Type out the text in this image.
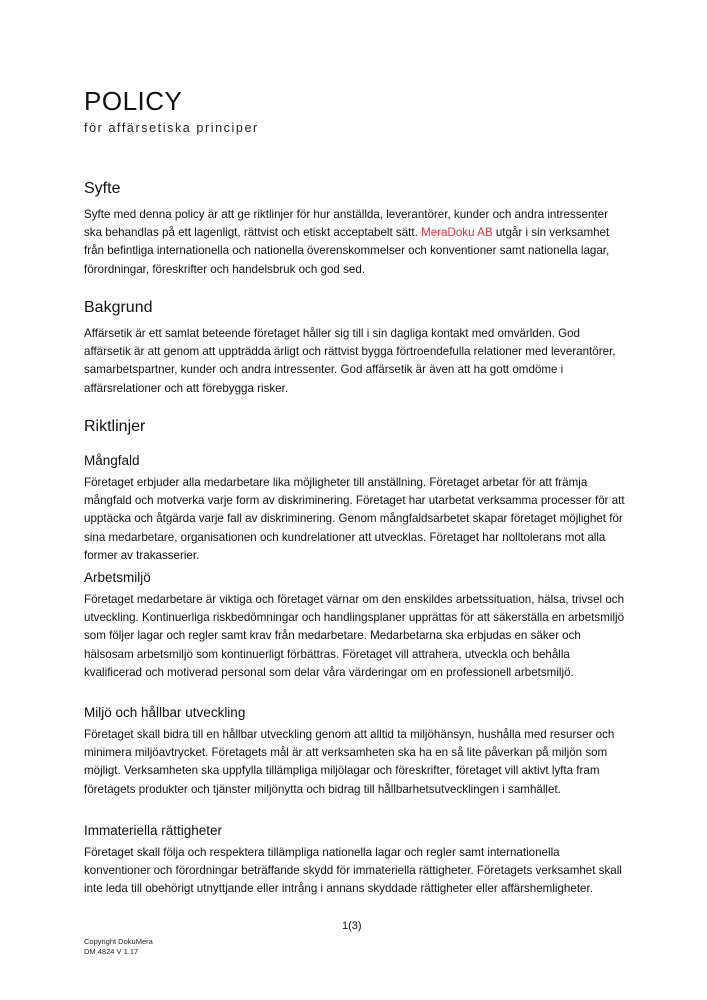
POLICY

för affärsetiska principer

Syfte

Syfte med denna policy är att ge riktlinjer för hur anställda, leverantörer, kunder och andra intressenter ska behandlas på ett lagenligt, rättvist och etiskt acceptabelt sätt. MeraDoku AB utgår i sin verksamhet från befintliga internationella och nationella överenskommelser och konventioner samt nationella lagar, förordningar, föreskrifter och handelsbruk och god sed.

Bakgrund

Affärsetik är ett samlat beteende företaget håller sig till i sin dagliga kontakt med omvärlden. God affärsetik är att genom att uppträdda ärligt och rättvist bygga förtroendefulla relationer med leverantörer, samarbetspartner, kunder och andra intressenter. God affärsetik är även att ha gott omdöme i affärsrelationer och att förebygga risker.

Riktlinjer
Mångfald

Företaget erbjuder alla medarbetare lika möjligheter till anställning. Företaget arbetar för att främja mångfald och motverka varje form av diskriminering. Företaget har utarbetat verksamma processer för att upptäcka och åtgärda varje fall av diskriminering. Genom mångfaldsarbetet skapar företaget möjlighet för sina medarbetare, organisationen och kundrelationer att utvecklas. Företaget har nolltolerans mot alla former av trakasserier.

Arbetsmiljö

Företaget medarbetare är viktiga och företaget värnar om den enskildes arbetssituation, hälsa, trivsel och utveckling. Kontinuerliga riskbedömningar och handlingsplaner upprättas för att säkerställa en arbetsmiljö som följer lagar och regler samt krav från medarbetare. Medarbetarna ska erbjudas en säker och hälsosam arbetsmiljö som kontinuerligt förbättras. Företaget vill attrahera, utveckla och behålla kvalificerad och motiverad personal som delar våra värderingar om en professionell arbetsmiljö.

Miljö och hållbar utveckling

Företaget skall bidra till en hållbar utveckling genom att alltid ta miljöhänsyn, hushålla med resurser och minimera miljöavtrycket. Företagets mål är att verksamheten ska ha en så lite påverkan på miljön som möjligt. Verksamheten ska uppfylla tillämpliga miljölagar och föreskrifter, företaget vill aktivt lyfta fram företagets produkter och tjänster miljönytta och bidrag till hållbarhetsutvecklingen i samhället.

Immateriella rättigheter

Företaget skall följa och respektera tillämpliga nationella lagar och regler samt internationella konventioner och förordningar beträffande skydd för immateriella rättigheter. Företagets verksamhet skall inte leda till obehörigt utnyttjande eller intrång i annans skyddade rättigheter eller affärshemligheter.

1(3)
Copyright DokuMera
DM 4824 V 1.17
